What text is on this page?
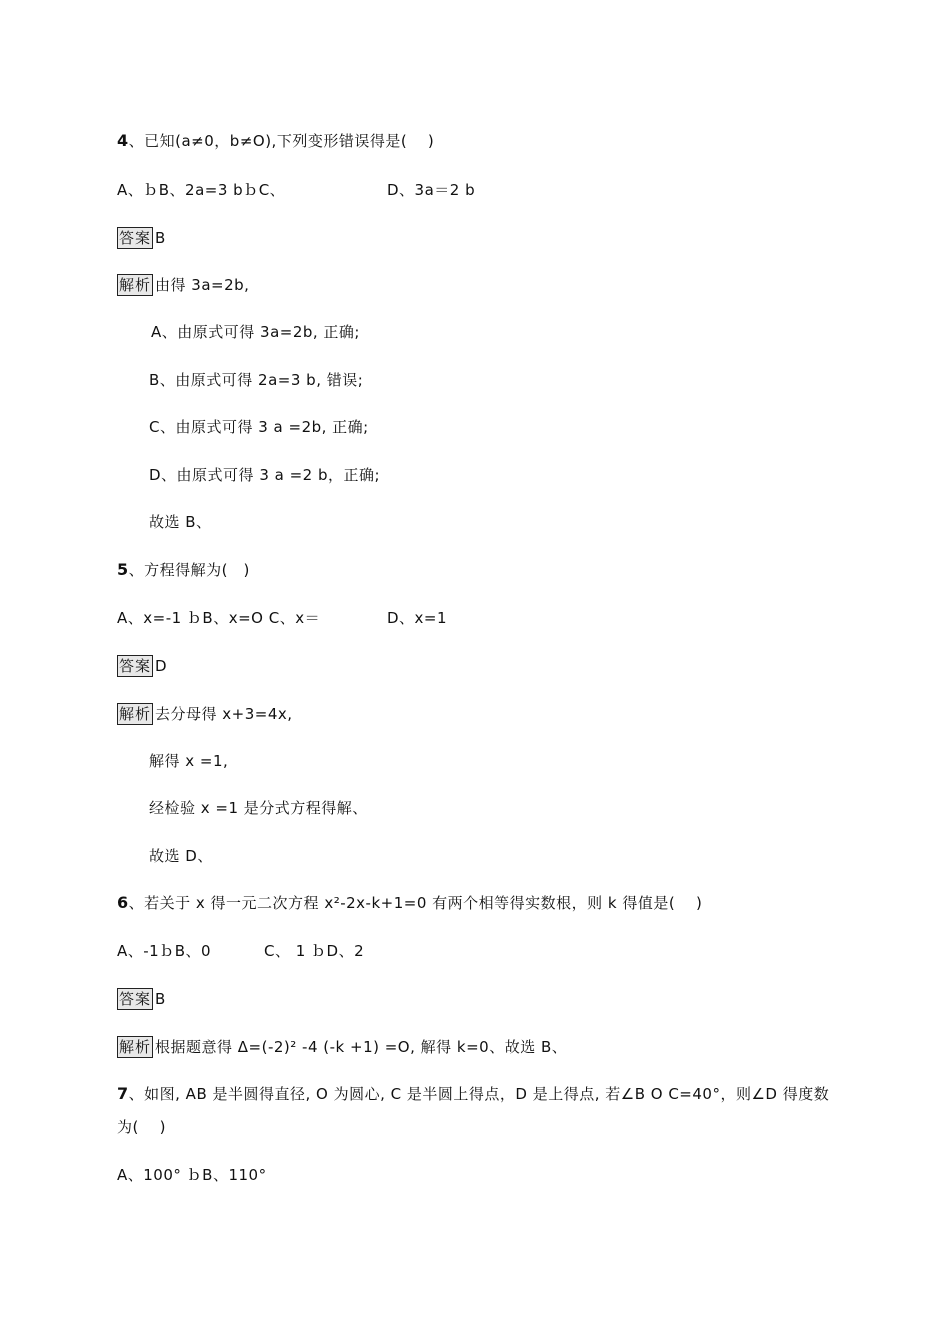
4、已知(a≠0，b≠O),下列变形错误得是(　 )
A、ｂB、2a=3 bｂC、	D、3a＝2 b
答案 B
解析 由得 3a=2b,
A、由原式可得 3a=2b, 正确;
B、由原式可得 2a=3 b, 错误;
C、由原式可得 3 a =2b, 正确;
D、由原式可得 3 a =2 b，正确;
故选 B、
5、方程得解为(　)
A、x=-1 ｂB、x=O C、x＝	D、x=1
答案 D
解析 去分母得 x+3=4x,
解得 x =1,
经检验 x =1 是分式方程得解、
故选 D、
6、若关于 x 得一元二次方程 x²-2x-k+1=0 有两个相等得实数根，则 k 得值是(　 )
A、-1ｂB、0	C、 1 ｂD、2
答案 B
解析 根据题意得 Δ=(-2)² -4 (-k +1) =O, 解得 k=0、故选 B、
7、如图, AB 是半圆得直径, O 为圆心, C 是半圆上得点，D 是上得点, 若∠B O C=40°，则∠D 得度数
为(　 )
A、100° ｂB、110°
